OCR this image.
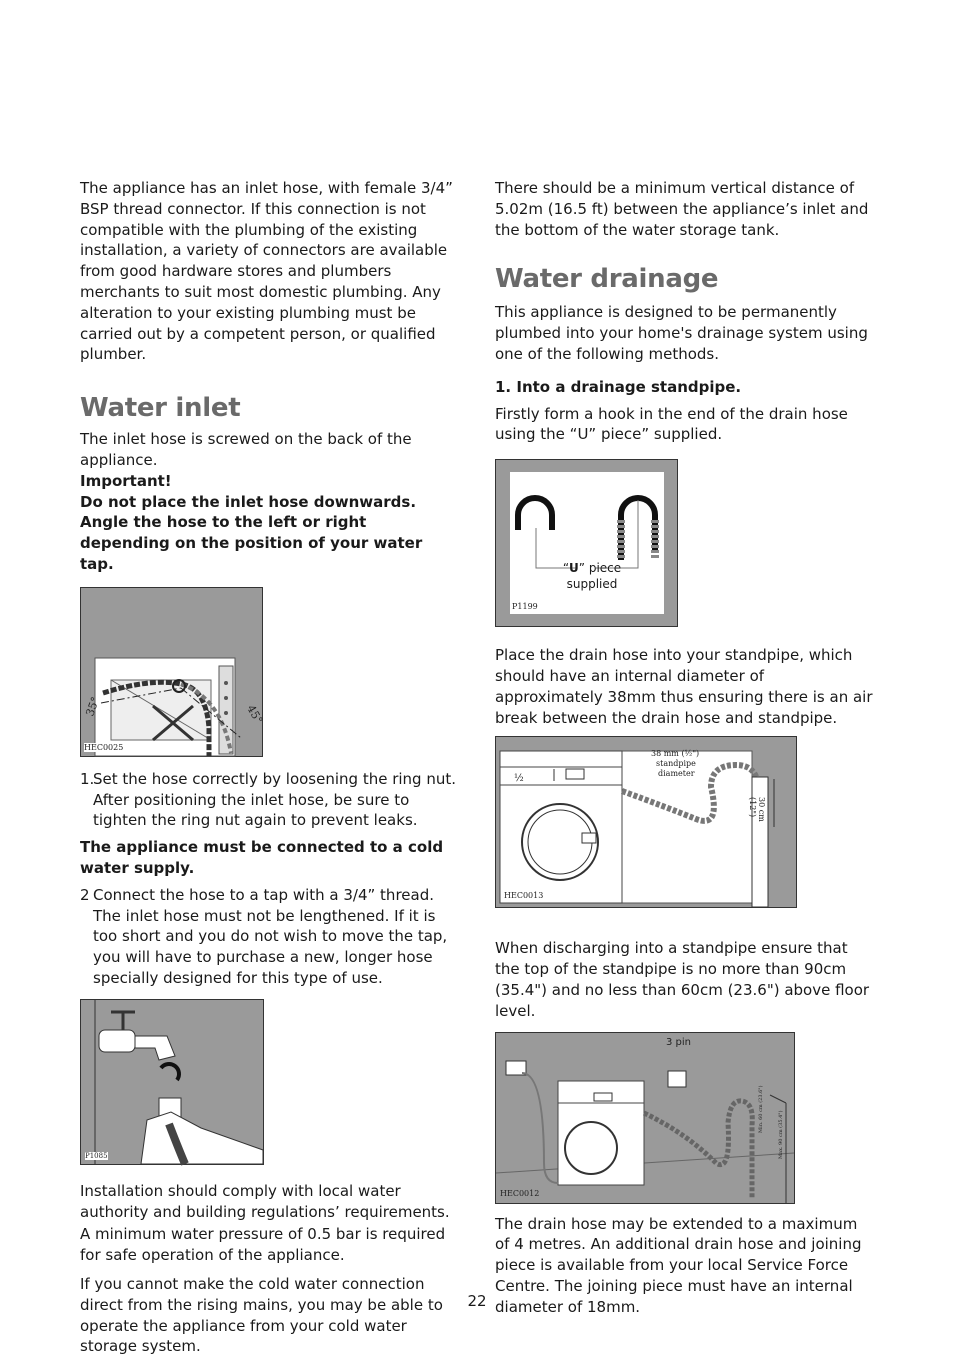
The appliance has an inlet hose, with female 3/4” BSP thread connector. If this connection is not compatible with the plumbing of the existing installation, a variety of connectors are available from good hardware stores and plumbers merchants to suit most domestic plumbing. Any alteration to your existing plumbing must be carried out by a competent person, or qualified plumber.

Water inlet

The inlet hose is screwed on the back of the appliance.

Important!

Do not place the inlet hose downwards. Angle the hose to the left or right depending on the position of your water tap.

35°	45°
HEC0025
1.
Set the hose correctly by loosening the ring nut. After positioning the inlet hose, be sure to tighten the ring nut again to prevent leaks.

The appliance must be connected to a cold water supply.

2 Connect the hose to a tap with a 3/4” thread. The inlet hose must not be lengthened. If it is too short and you do not wish to move the tap, you will have to purchase a new, longer hose specially designed for this type of use.
P1085

Installation should comply with local water authority and building regulations’ requirements.

A minimum water pressure of 0.5 bar is required for safe operation of the appliance.

If you cannot make the cold water connection direct from the rising mains, you may be able to operate the appliance from your cold water storage system.

There should be a minimum vertical distance of 5.02m (16.5 ft) between the appliance’s inlet and the bottom of the water storage tank.

Water drainage

This appliance is designed to be permanently plumbed into your home's drainage system using one of the following methods.

1. Into a drainage standpipe.

Firstly form a hook in the end of the drain hose using the “U” piece” supplied.

“U” piece
supplied
P1199

Place the drain hose into your standpipe, which should have an internal diameter of approximately 38mm thus ensuring there is an air break between the drain hose and standpipe.

38 mm (½")
standpipe
diameter
30 cm (12")
½
HEC0013

When discharging into a standpipe ensure that the top of the standpipe is no more than 90cm (35.4") and no less than 60cm (23.6") above floor level.

3 pin
Min. 60 cm (23.6")
Max. 90 cm (35.4")
HEC0012

The drain hose may be extended to a maximum of 4 metres. An additional drain hose and joining piece is available from your local Service Force Centre. The joining piece must have an internal diameter of 18mm.

22
